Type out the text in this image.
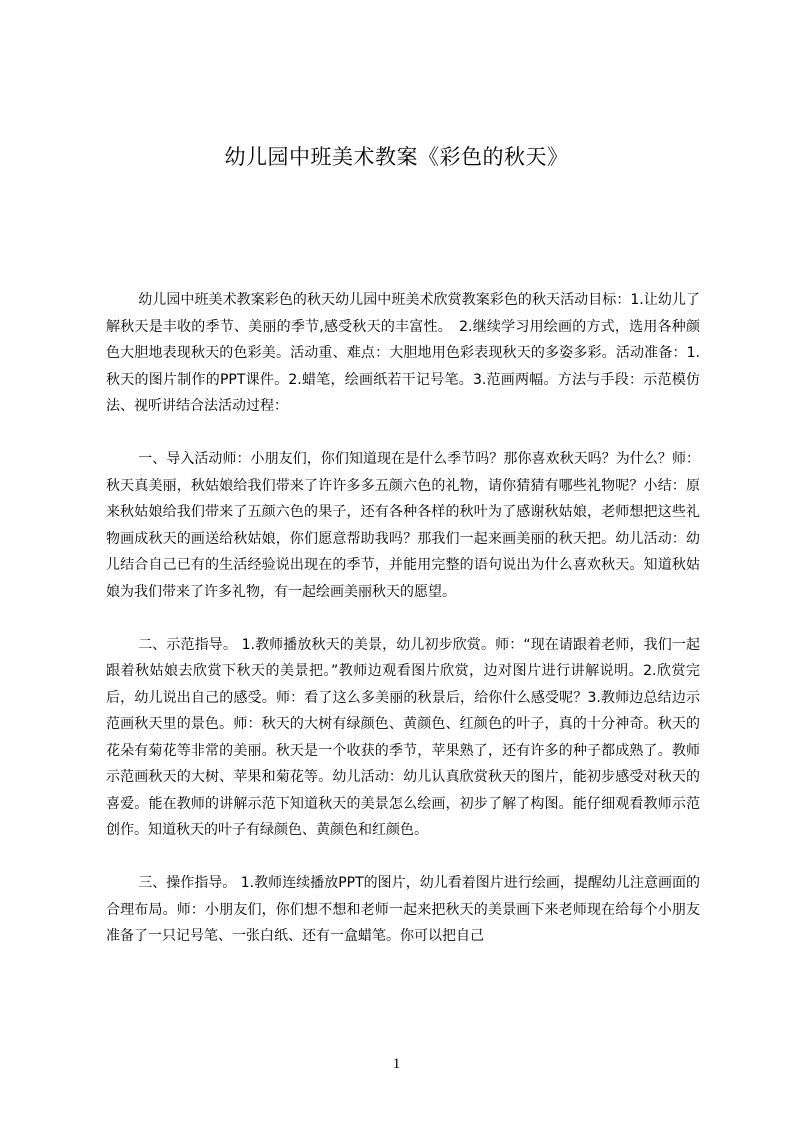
幼儿园中班美术教案《彩色的秋天》

幼儿园中班美术教案彩色的秋天幼儿园中班美术欣赏教案彩色的秋天活动目标：1.让幼儿了解秋天是丰收的季节、美丽的季节,感受秋天的丰富性。　2.继续学习用绘画的方式，选用各种颜色大胆地表现秋天的色彩美。活动重、难点：大胆地用色彩表现秋天的多姿多彩。活动准备：1.秋天的图片制作的PPT课件。2.蜡笔，绘画纸若干记号笔。3.范画两幅。方法与手段：示范模仿法、视听讲结合法活动过程：

一、导入活动师：小朋友们，你们知道现在是什么季节吗？那你喜欢秋天吗？为什么？师：秋天真美丽，秋姑娘给我们带来了许许多多五颜六色的礼物，请你猜猜有哪些礼物呢？小结：原来秋姑娘给我们带来了五颜六色的果子，还有各种各样的秋叶为了感谢秋姑娘，老师想把这些礼物画成秋天的画送给秋姑娘，你们愿意帮助我吗？那我们一起来画美丽的秋天把。幼儿活动：幼儿结合自己已有的生活经验说出现在的季节，并能用完整的语句说出为什么喜欢秋天。知道秋姑娘为我们带来了许多礼物，有一起绘画美丽秋天的愿望。

二、示范指导。 1.教师播放秋天的美景，幼儿初步欣赏。师：“现在请跟着老师，我们一起跟着秋姑娘去欣赏下秋天的美景把。”教师边观看图片欣赏，边对图片进行讲解说明。2.欣赏完后，幼儿说出自己的感受。师：看了这么多美丽的秋景后，给你什么感受呢？3.教师边总结边示范画秋天里的景色。师：秋天的大树有绿颜色、黄颜色、红颜色的叶子，真的十分神奇。秋天的花朵有菊花等非常的美丽。秋天是一个收获的季节，苹果熟了，还有许多的种子都成熟了。教师示范画秋天的大树、苹果和菊花等。幼儿活动：幼儿认真欣赏秋天的图片，能初步感受对秋天的喜爱。能在教师的讲解示范下知道秋天的美景怎么绘画，初步了解了构图。能仔细观看教师示范创作。知道秋天的叶子有绿颜色、黄颜色和红颜色。

三、操作指导。 1.教师连续播放PPT的图片，幼儿看着图片进行绘画，提醒幼儿注意画面的合理布局。师：小朋友们，你们想不想和老师一起来把秋天的美景画下来老师现在给每个小朋友准备了一只记号笔、一张白纸、还有一盒蜡笔。你可以把自己

1
